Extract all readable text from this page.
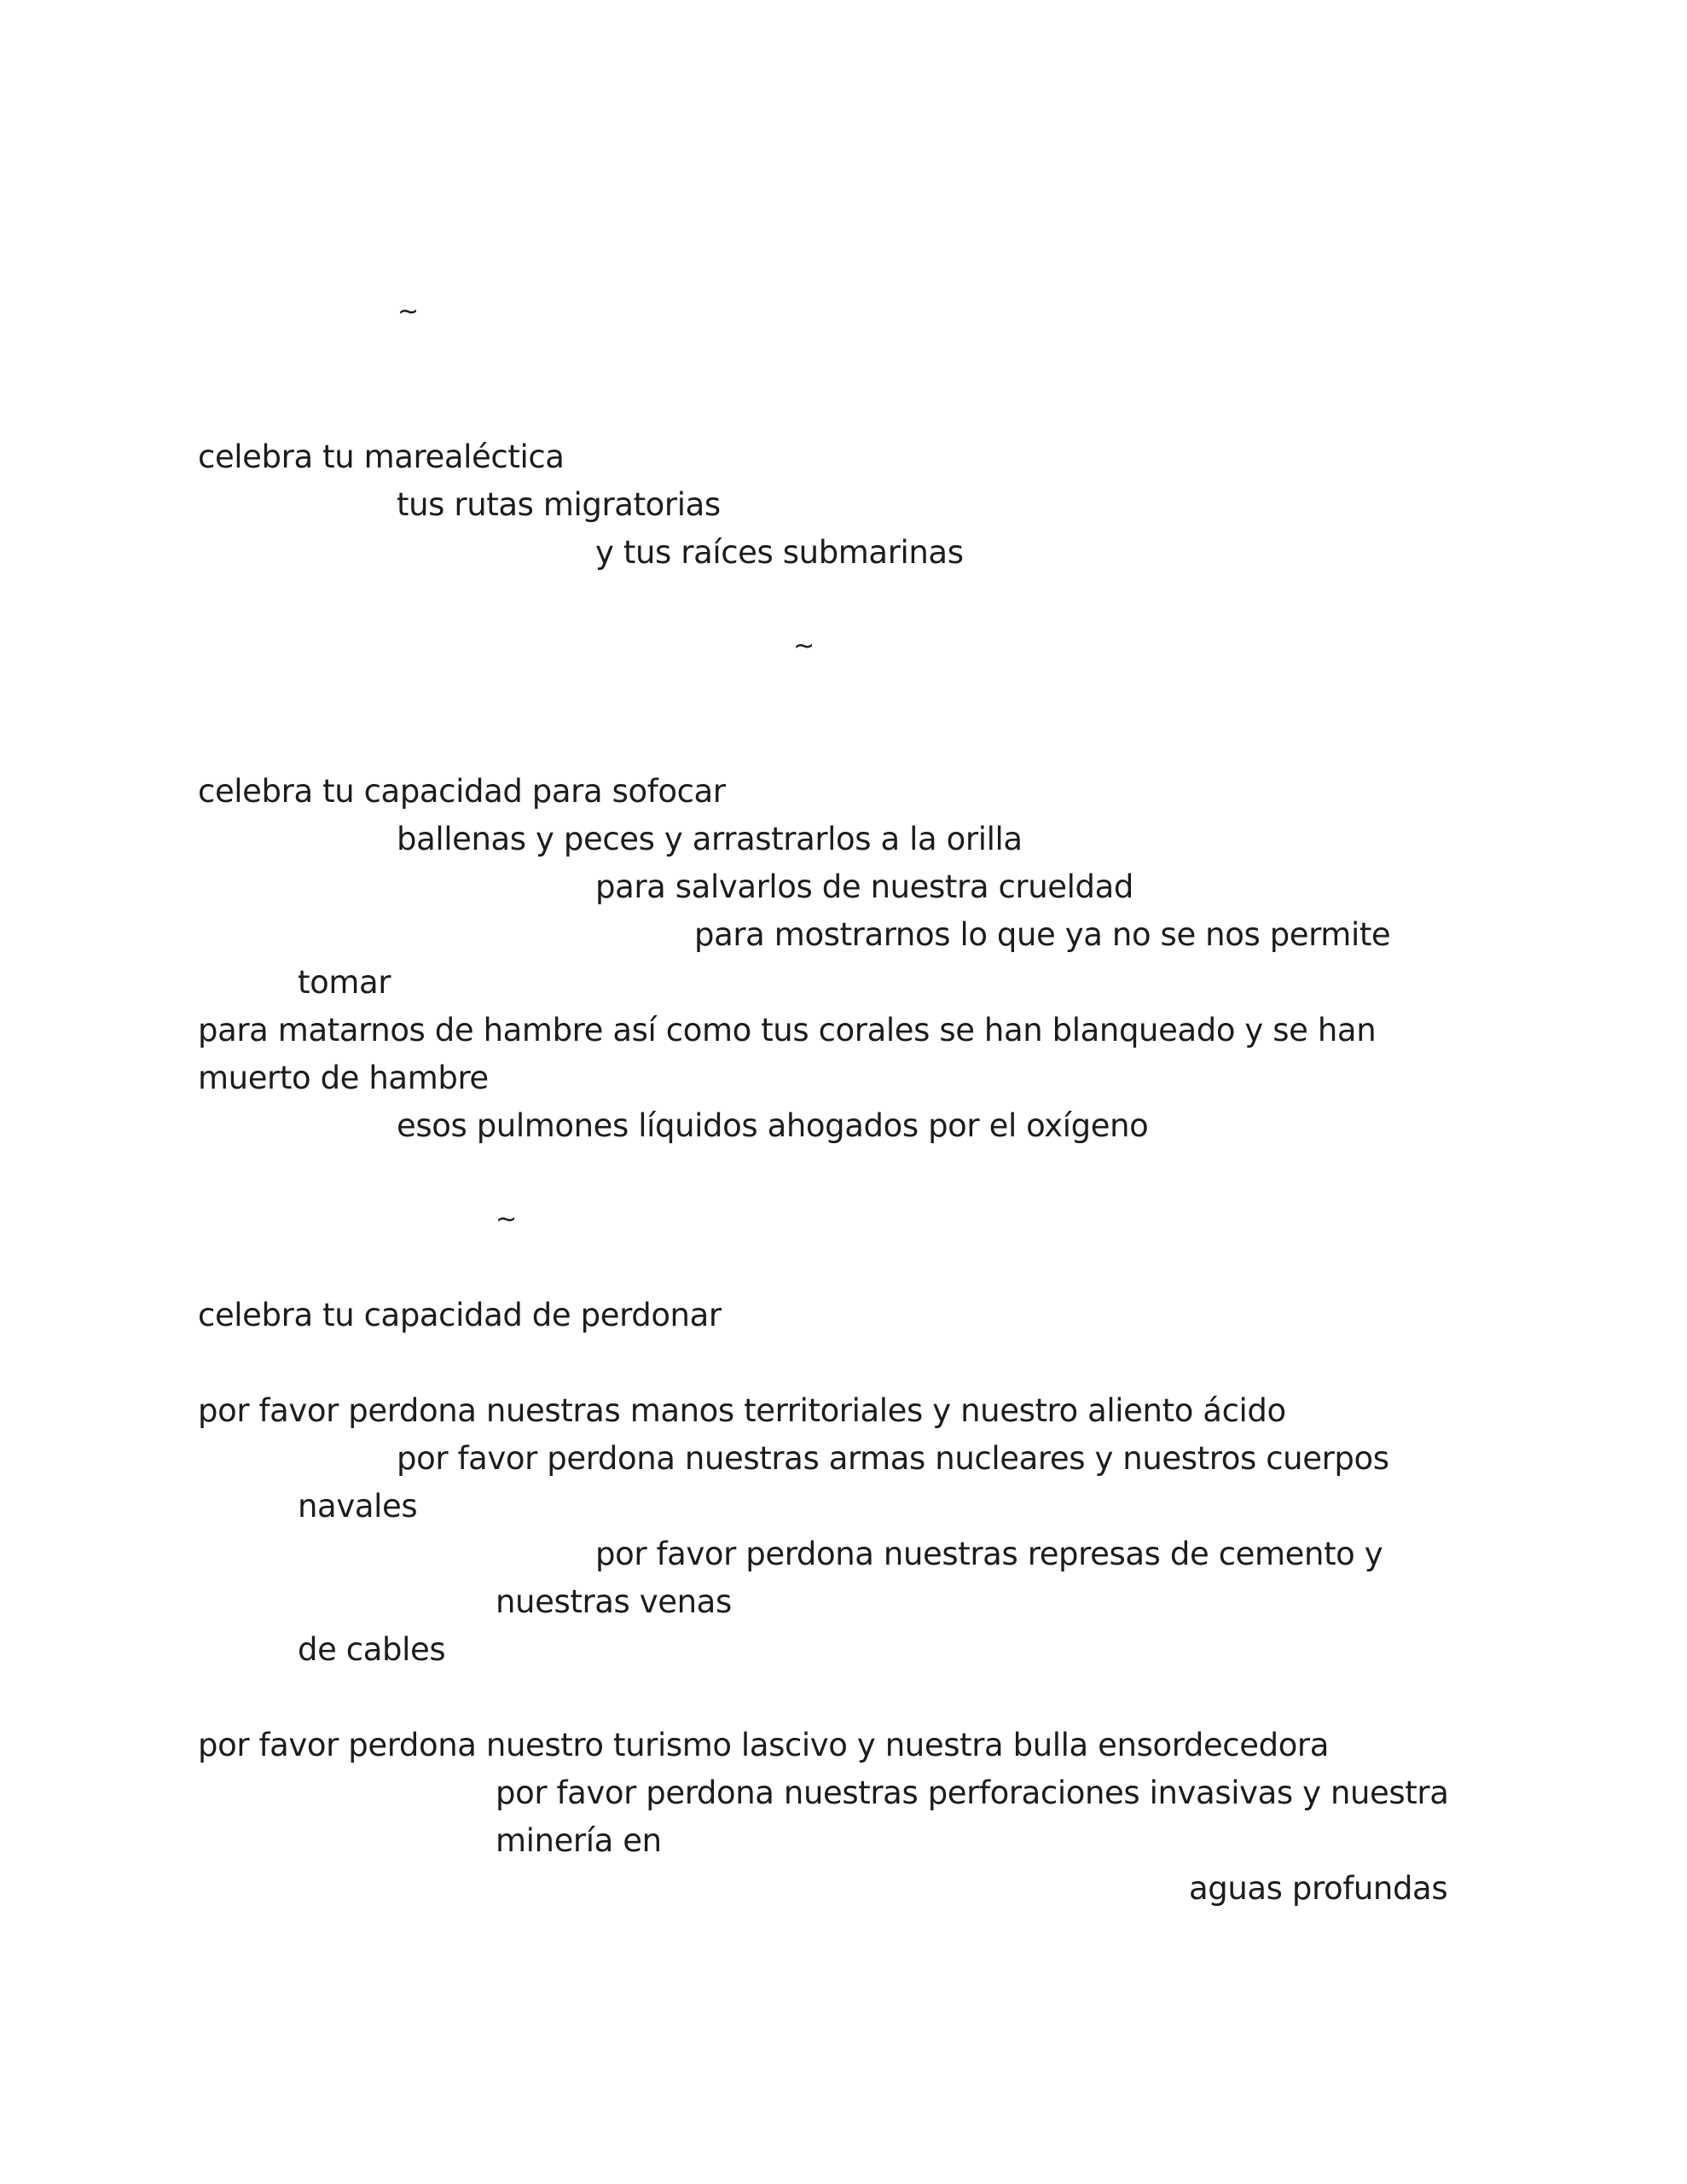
~
celebra tu marealéctica
tus rutas migratorias
y tus raíces submarinas
~
celebra tu capacidad para sofocar
ballenas y peces y arrastrarlos a la orilla
para salvarlos de nuestra crueldad
para mostrarnos lo que ya no se nos permite
tomar
para matarnos de hambre así como tus corales se han blanqueado y se han
muerto de hambre
esos pulmones líquidos ahogados por el oxígeno
~
celebra tu capacidad de perdonar
por favor perdona nuestras manos territoriales y nuestro aliento ácido
por favor perdona nuestras armas nucleares y nuestros cuerpos
navales
por favor perdona nuestras represas de cemento y
nuestras venas
de cables
por favor perdona nuestro turismo lascivo y nuestra bulla ensordecedora
por favor perdona nuestras perforaciones invasivas y nuestra
minería en
aguas profundas
